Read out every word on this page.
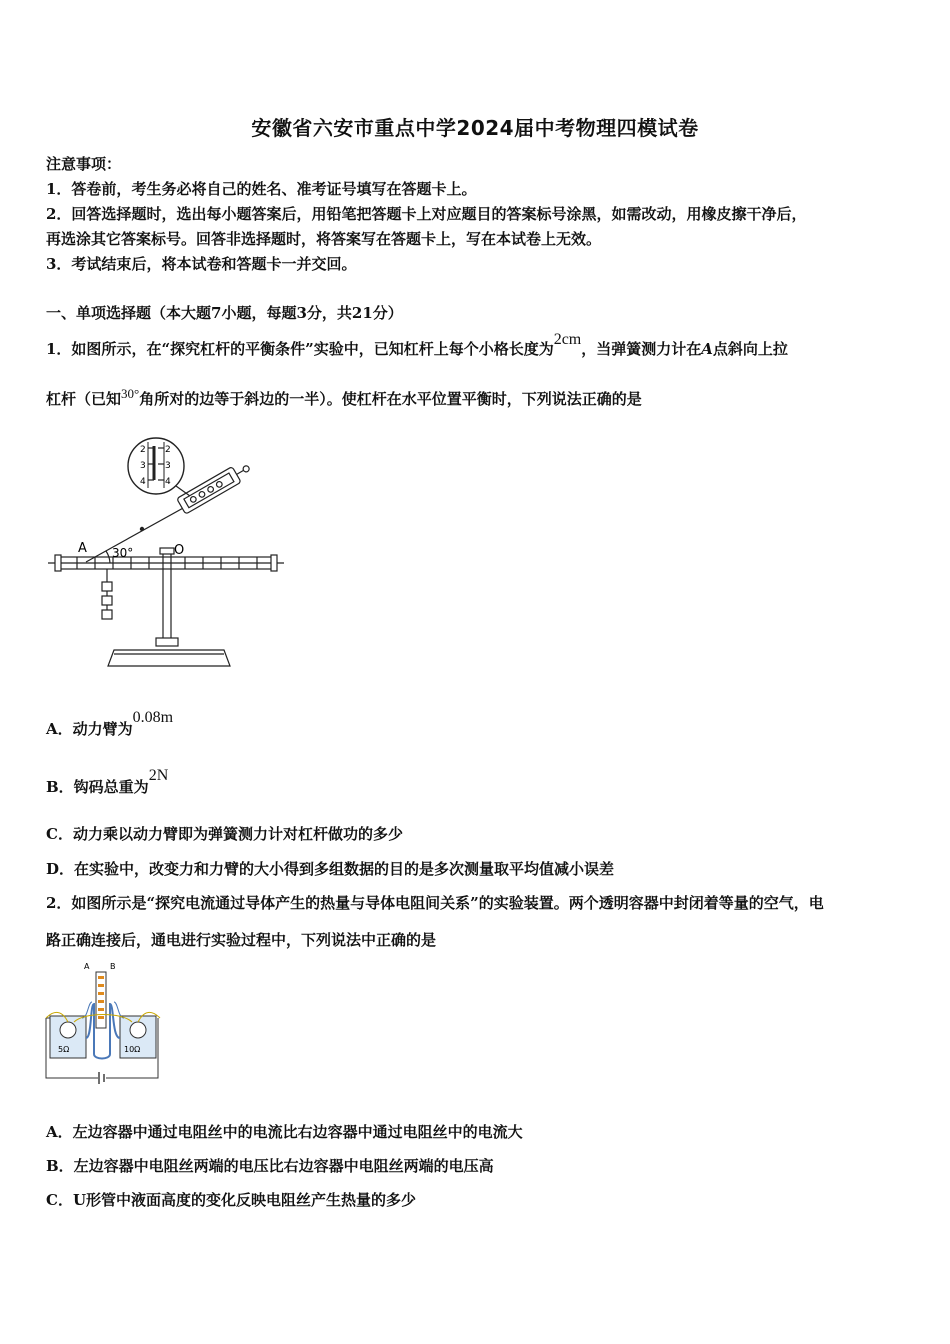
安徽省六安市重点中学2024届中考物理四模试卷
注意事项：
1．答卷前，考生务必将自己的姓名、准考证号填写在答题卡上。
2．回答选择题时，选出每小题答案后，用铅笔把答题卡上对应题目的答案标号涂黑，如需改动，用橡皮擦干净后，
再选涂其它答案标号。回答非选择题时，将答案写在答题卡上，写在本试卷上无效。
3．考试结束后，将本试卷和答题卡一并交回。
一、单项选择题（本大题7小题，每题3分，共21分）
1．如图所示，在“探究杠杆的平衡条件”实验中，已知杠杆上每个小格长度为2cm，当弹簧测力计在A点斜向上拉
杠杆（已知30°角所对的边等于斜边的一半）。使杠杆在水平位置平衡时，下列说法正确的是
A 30°	O
2
3
4
2
3
4
A．动力臂为0.08m
B．钩码总重为2N
C．动力乘以动力臂即为弹簧测力计对杠杆做功的多少
D．在实验中，改变力和力臂的大小得到多组数据的目的是多次测量取平均值减小误差
2．如图所示是“探究电流通过导体产生的热量与导体电阻间关系”的实验装置。两个透明容器中封闭着等量的空气，电
路正确连接后，通电进行实验过程中，下列说法中正确的是
A	B
5Ω	10Ω
A．左边容器中通过电阻丝中的电流比右边容器中通过电阻丝中的电流大
B．左边容器中电阻丝两端的电压比右边容器中电阻丝两端的电压高
C．U形管中液面高度的变化反映电阻丝产生热量的多少
